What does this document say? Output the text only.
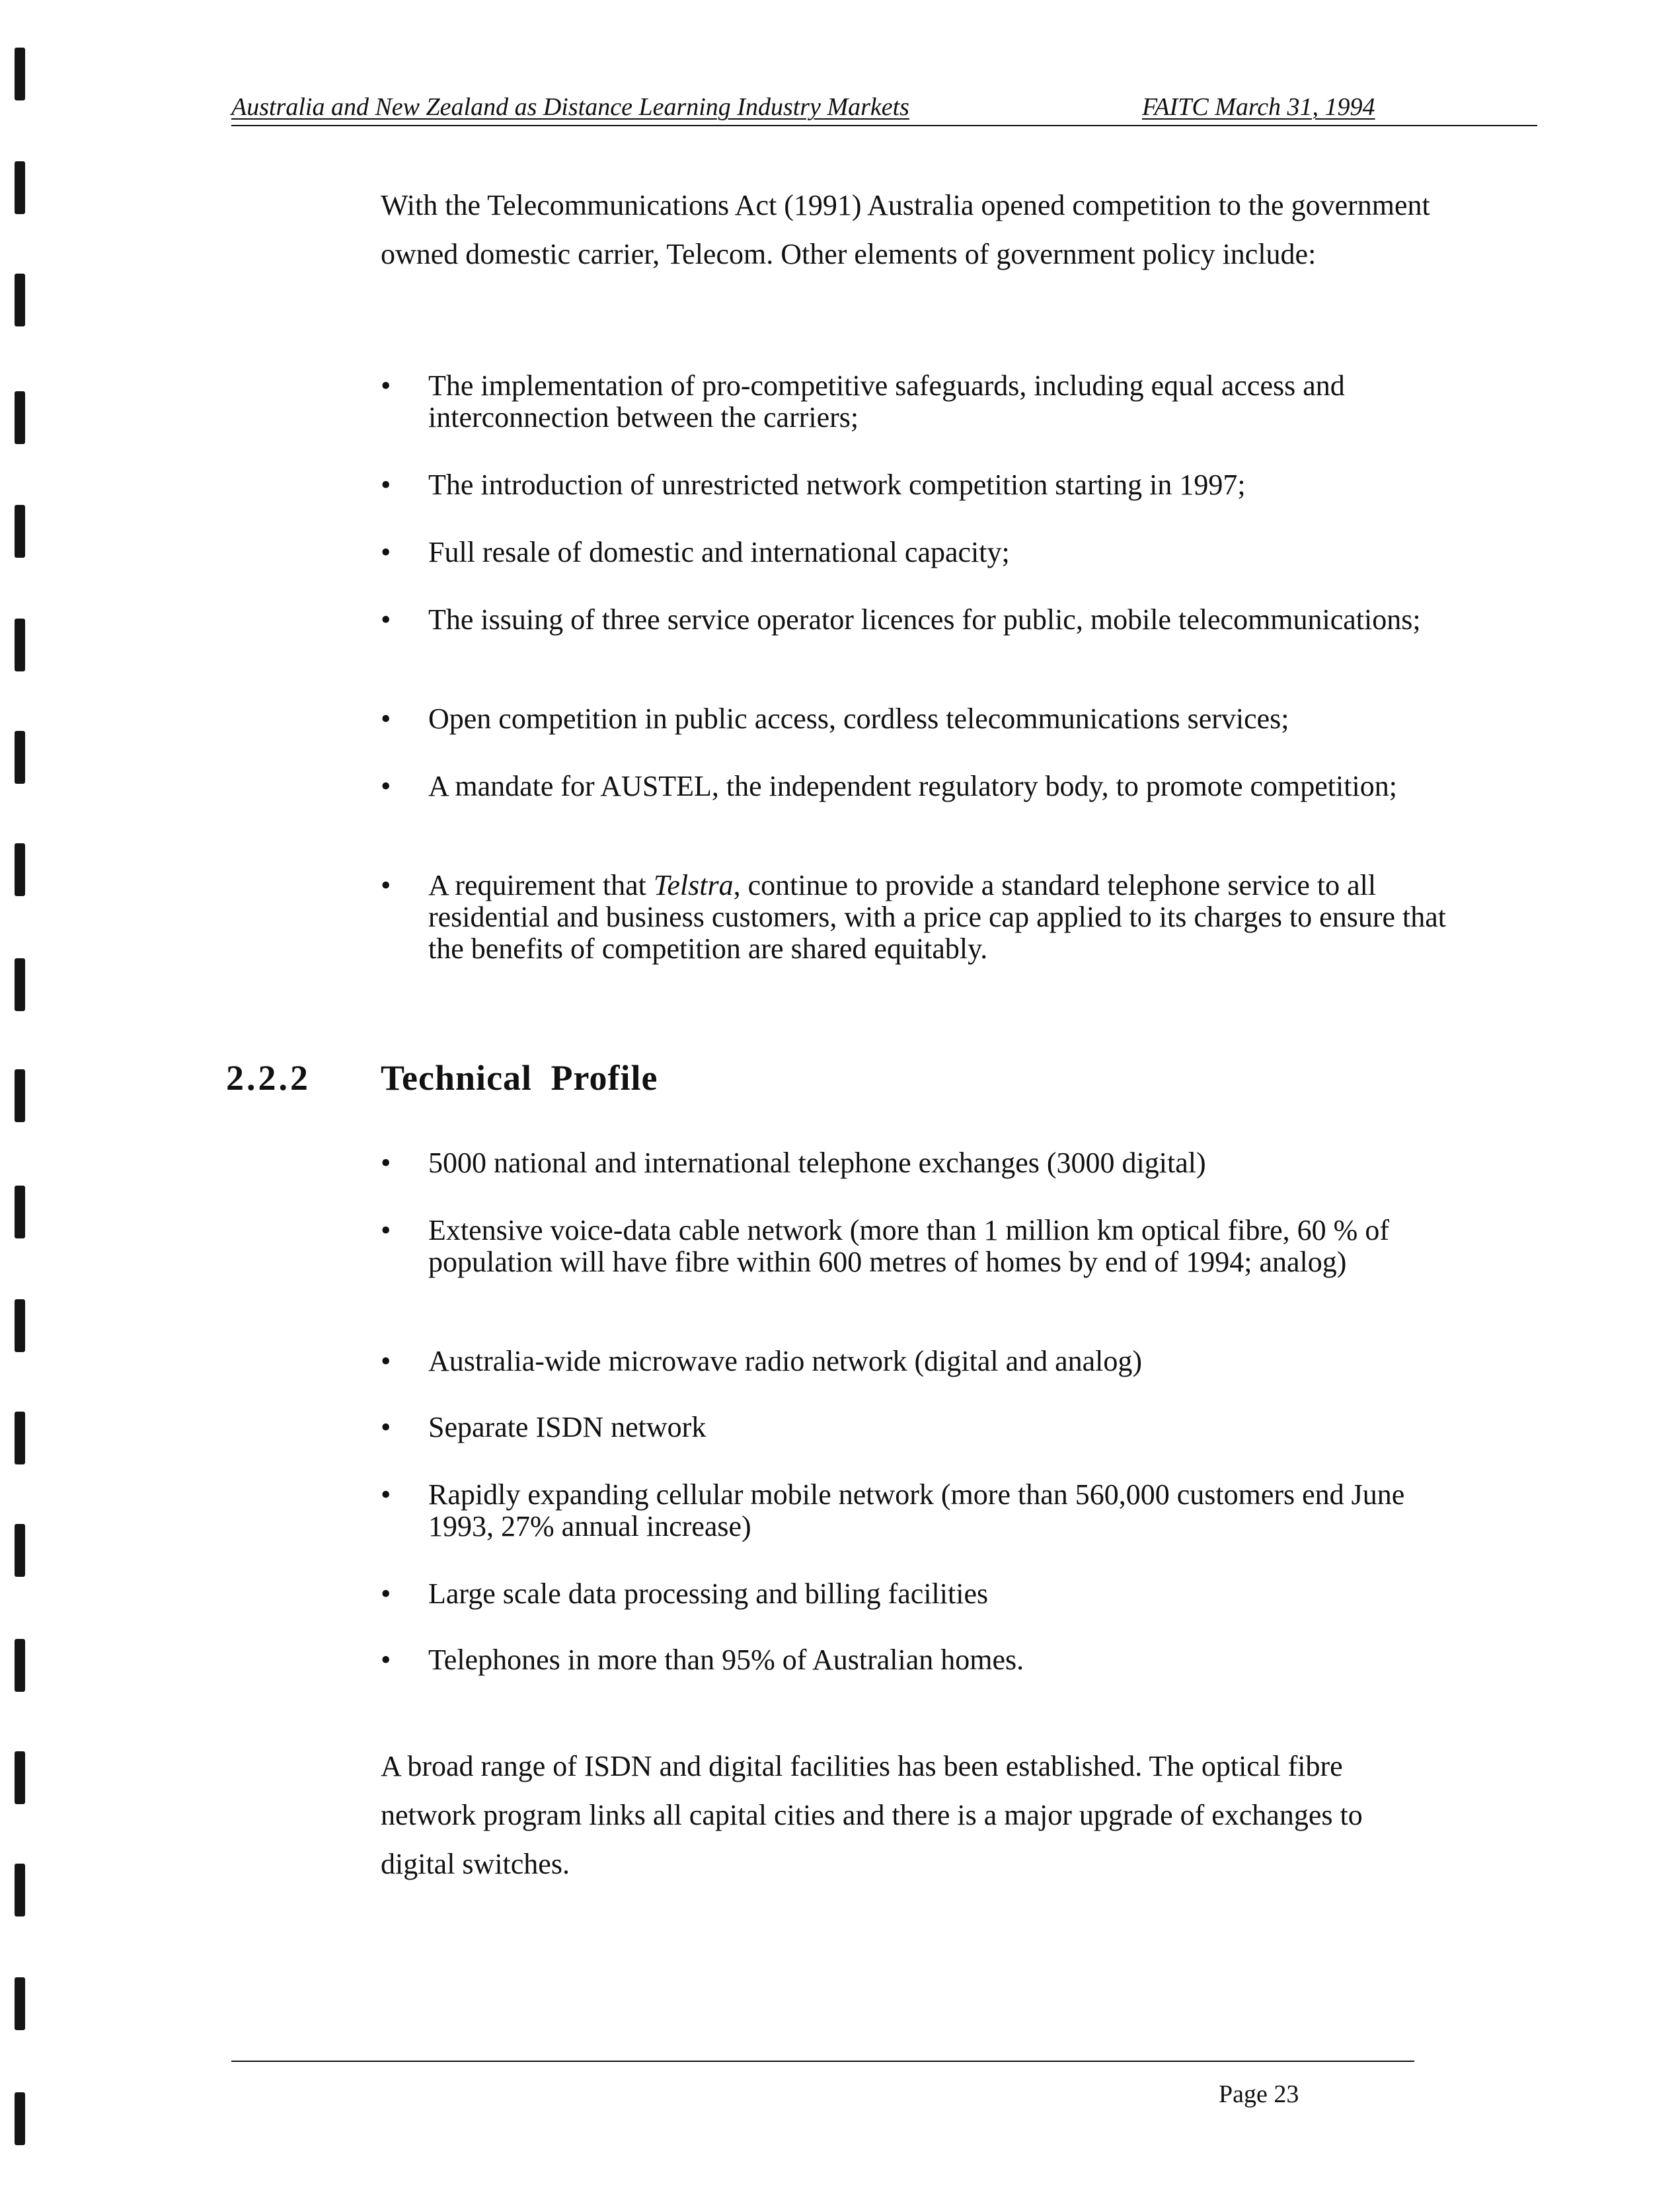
Australia and New Zealand as Distance Learning Industry Markets	FAITC March 31, 1994

With the Telecommunications Act (1991) Australia opened competition to the government owned domestic carrier, Telecom. Other elements of government policy include:

•	The implementation of pro-competitive safeguards, including equal access and interconnection between the carriers;
•	The introduction of unrestricted network competition starting in 1997;
•	Full resale of domestic and international capacity;
•	The issuing of three service operator licences for public, mobile telecommunications;
•	Open competition in public access, cordless telecommunications services;
•	A mandate for AUSTEL, the independent regulatory body, to promote competition;
•	A requirement that Telstra, continue to provide a standard telephone service to all residential and business customers, with a price cap applied to its charges to ensure that the benefits of competition are shared equitably.
2.2.2 Technical Profile
•	5000 national and international telephone exchanges (3000 digital)
•	Extensive voice-data cable network (more than 1 million km optical fibre, 60 % of population will have fibre within 600 metres of homes by end of 1994; analog)
•	Australia-wide microwave radio network (digital and analog)
•	Separate ISDN network
•	Rapidly expanding cellular mobile network (more than 560,000 customers end June 1993, 27% annual increase)
•	Large scale data processing and billing facilities
•	Telephones in more than 95% of Australian homes.

A broad range of ISDN and digital facilities has been established. The optical fibre network program links all capital cities and there is a major upgrade of exchanges to digital switches.

Page 23
